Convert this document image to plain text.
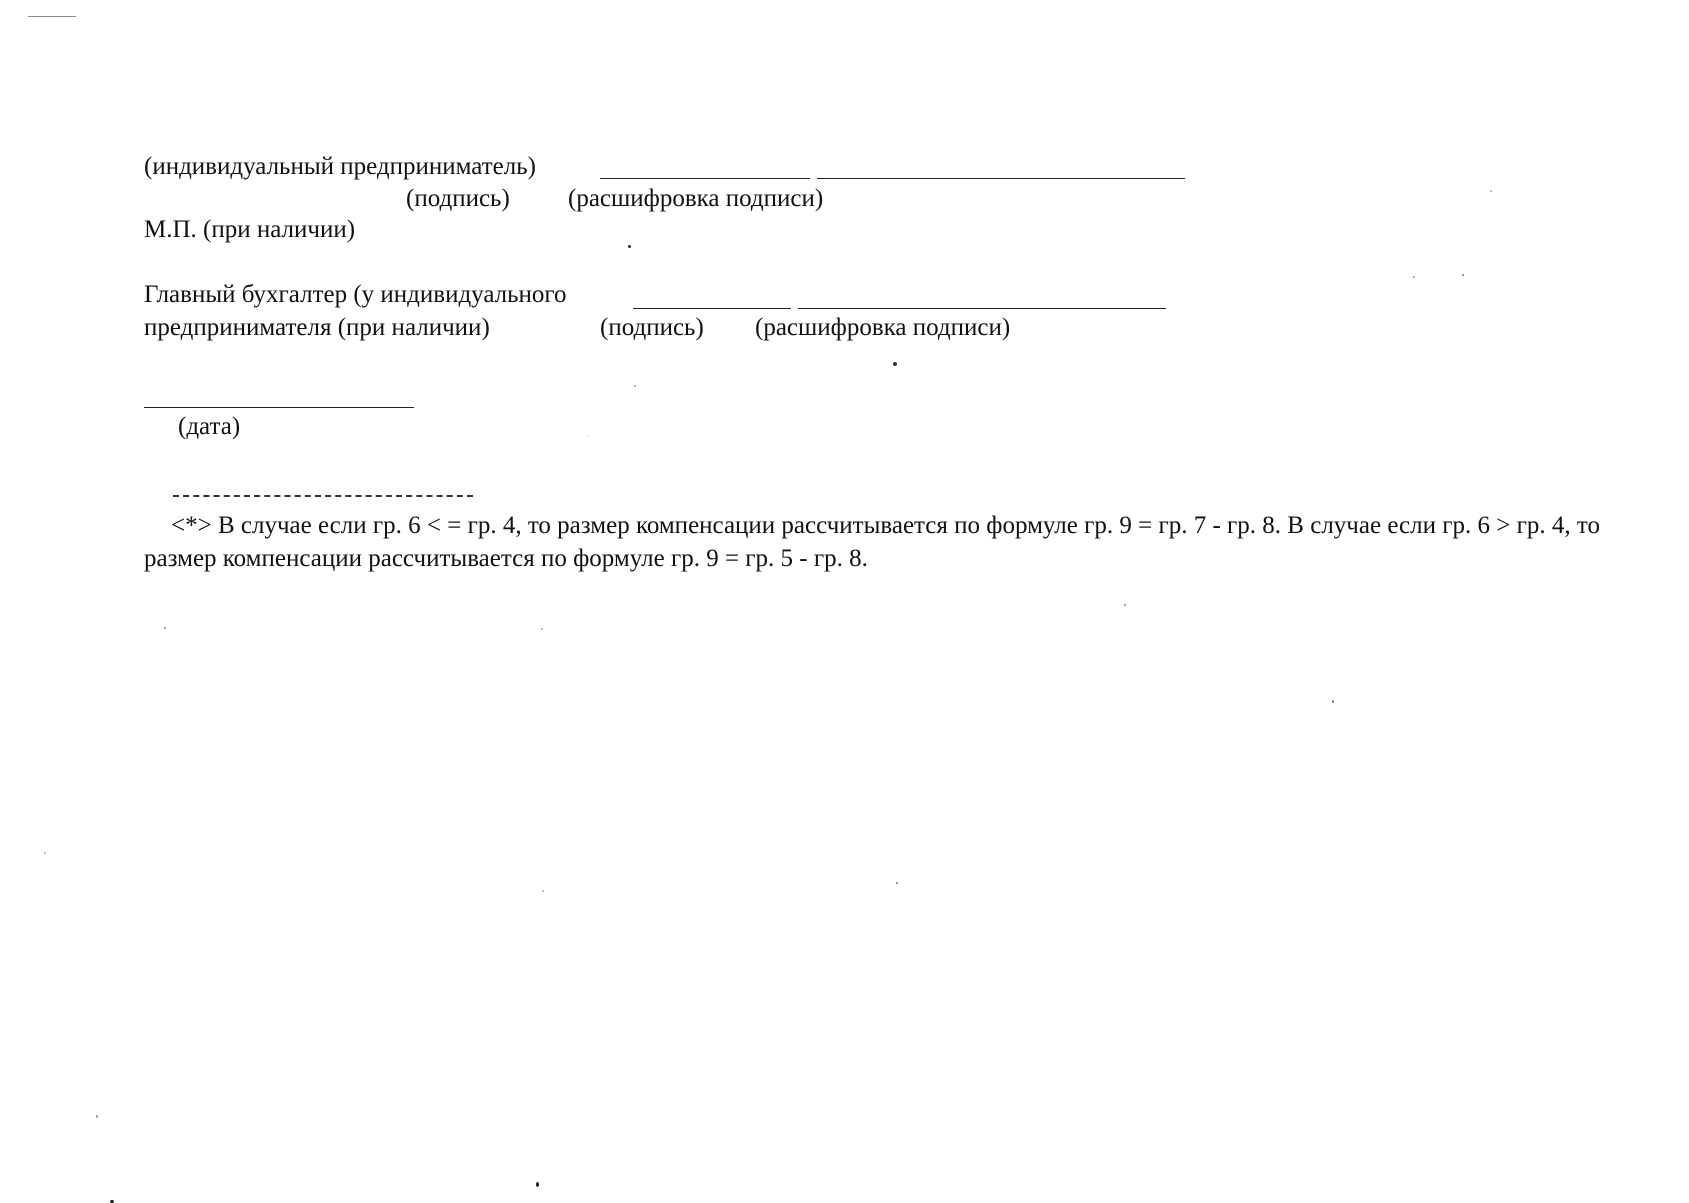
(индивидуальный предприниматель)
(подпись) (расшифровка подписи)
М.П. (при наличии)
Главный бухгалтер (у индивидуального
предпринимателя (при наличии)	(подпись) (расшифровка подписи)
(дата)
<*> В случае если гр. 6 < = гр. 4, то размер компенсации рассчитывается по формуле гр. 9 = гр. 7 - гр. 8. В случае если гр. 6 > гр. 4, то размер компенсации рассчитывается по формуле гр. 9 = гр. 5 - гр. 8.
